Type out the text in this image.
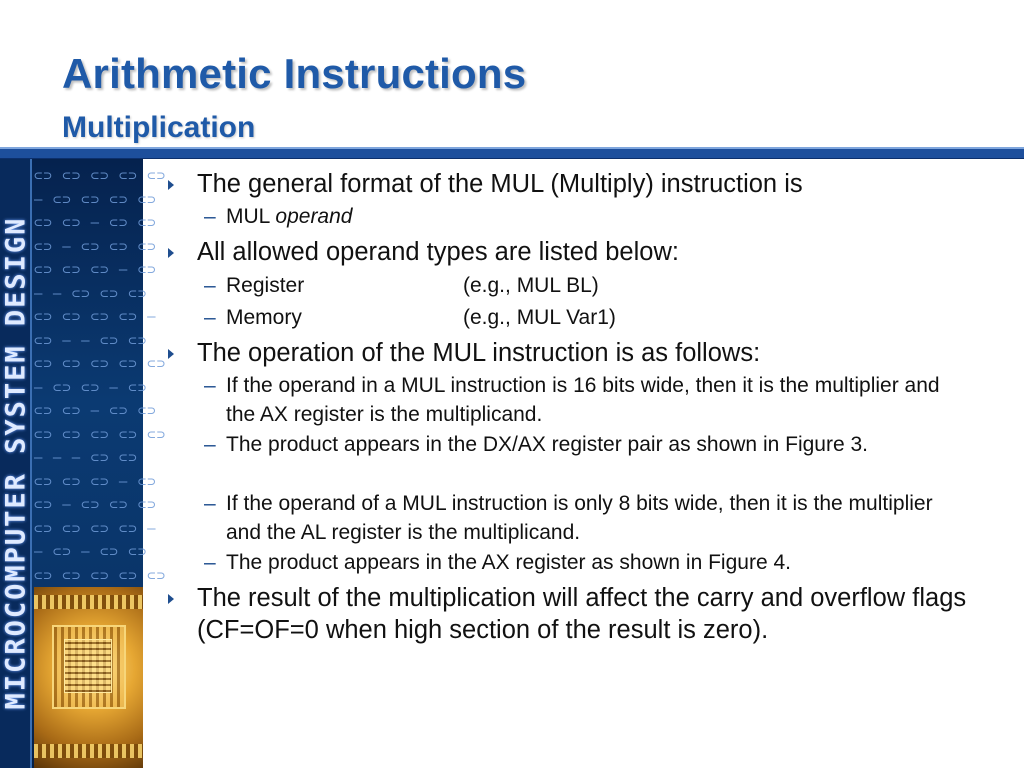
Arithmetic Instructions
Multiplication
MICROCOMPUTER SYSTEM DESIGN
⊂⊃ ⊂⊃ ⊂⊃ ⊂⊃ ⊂⊃
– ⊂⊃ ⊂⊃ ⊂⊃ ⊂⊃
⊂⊃ ⊂⊃ – ⊂⊃ ⊂⊃
⊂⊃ – ⊂⊃ ⊂⊃ ⊂⊃
⊂⊃ ⊂⊃ ⊂⊃ – ⊂⊃
– – ⊂⊃ ⊂⊃ ⊂⊃
⊂⊃ ⊂⊃ ⊂⊃ ⊂⊃ –
⊂⊃ – – ⊂⊃ ⊂⊃
⊂⊃ ⊂⊃ ⊂⊃ ⊂⊃ ⊂⊃
– ⊂⊃ ⊂⊃ – ⊂⊃
⊂⊃ ⊂⊃ – ⊂⊃ ⊂⊃
⊂⊃ ⊂⊃ ⊂⊃ ⊂⊃ ⊂⊃
– – – ⊂⊃ ⊂⊃
⊂⊃ ⊂⊃ ⊂⊃ – ⊂⊃
⊂⊃ – ⊂⊃ ⊂⊃ ⊂⊃
⊂⊃ ⊂⊃ ⊂⊃ ⊂⊃ –
– ⊂⊃ – ⊂⊃ ⊂⊃
⊂⊃ ⊂⊃ ⊂⊃ ⊂⊃ ⊂⊃
The general format of the MUL (Multiply) instruction is
– MUL operand
All allowed operand types are listed below:
– Register	(e.g., MUL BL)
– Memory	(e.g., MUL Var1)
The operation of the MUL instruction is as follows:
– If the operand in a MUL instruction is 16 bits wide, then it is the multiplier and the AX register is the multiplicand.
– The product appears in the DX/AX register pair as shown in Figure 3.
– If the operand of a MUL instruction is only 8 bits wide, then it is the multiplier and the AL register is the multiplicand.
– The product appears in the AX register as shown in Figure 4.
The result of the multiplication will affect the carry and overflow flags (CF=OF=0 when high section of the result is zero).
